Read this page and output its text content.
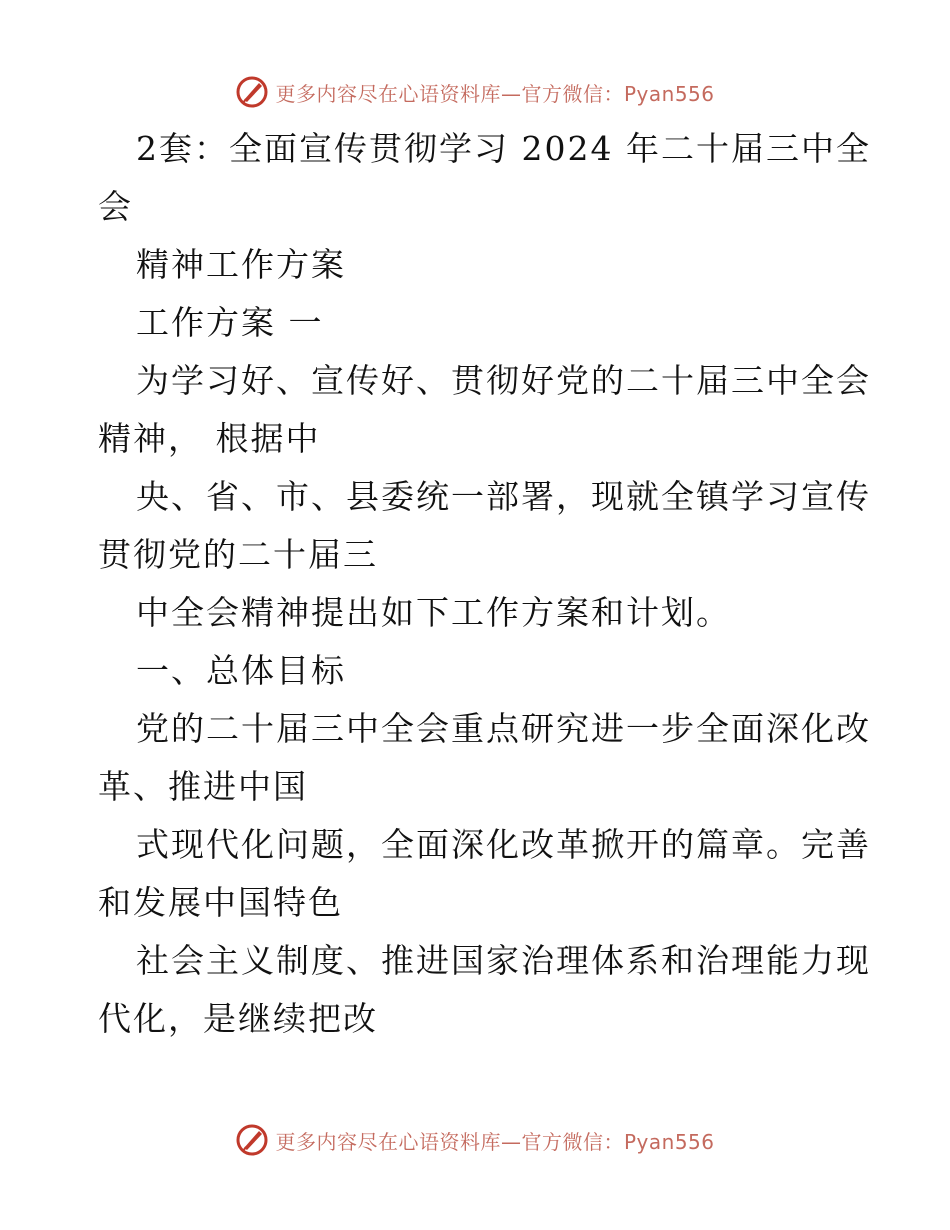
更多内容尽在心语资料库—官方微信：Pyan556
2套：全面宣传贯彻学习 2024 年二十届三中全
会
精神工作方案
工作方案 一
为学习好、宣传好、贯彻好党的二十届三中全会
精神， 根据中
央、省、市、县委统一部署，现就全镇学习宣传
贯彻党的二十届三
中全会精神提出如下工作方案和计划。
一、总体目标
党的二十届三中全会重点研究进一步全面深化改
革、推进中国
式现代化问题，全面深化改革掀开的篇章。完善
和发展中国特色
社会主义制度、推进国家治理体系和治理能力现
代化，是继续把改
更多内容尽在心语资料库—官方微信：Pyan556
